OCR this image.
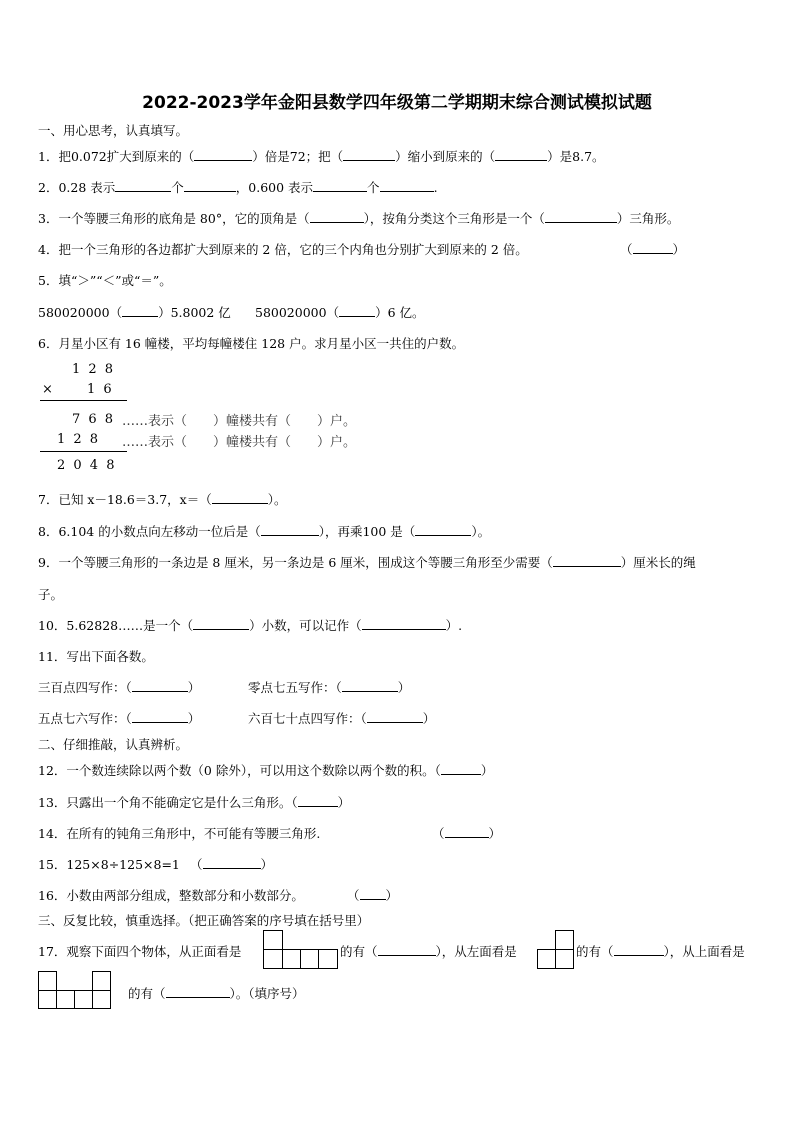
2022-2023学年金阳县数学四年级第二学期期末综合测试模拟试题
一、用心思考，认真填写。
1．把0.072扩大到原来的（	）倍是72；把（	）缩小到原来的（	）是8.7。
2．0.28 表示	个	，0.600 表示	个	.
3．一个等腰三角形的底角是 80°，它的顶角是（	），按角分类这个三角形是一个（	）三角形。
4．把一个三角形的各边都扩大到原来的 2 倍，它的三个内角也分别扩大到原来的 2 倍。	（	）
5．填“＞”“＜”或“＝”。
580020000（	）5.8002 亿 580020000（	）6 亿。
6．月星小区有 16 幢楼，平均每幢楼住 128 户。求月星小区一共住的户数。
1 2 8
× 1 6
7 6 8 ……表示（　　）幢楼共有（　　）户。
1 2 8 ……表示（　　）幢楼共有（　　）户。
2 0 4 8
7．已知 x－18.6＝3.7，x＝（	）。
8．6.104 的小数点向左移动一位后是（	），再乘100 是（	）。
9．一个等腰三角形的一条边是 8 厘米，另一条边是 6 厘米，围成这个等腰三角形至少需要（	）厘米长的绳
子。
10．5.62828……是一个（	）小数，可以记作（	）.
11．写出下面各数。
三百点四写作：（	）	零点七五写作：（	）
五点七六写作：（	）	六百七十点四写作：（	）
二、仔细推敲，认真辨析。
12．一个数连续除以两个数（0 除外），可以用这个数除以两个数的积。（	）
13．只露出一个角不能确定它是什么三角形。（	）
14．在所有的钝角三角形中，不可能有等腰三角形.	（	）
15．125×8÷125×8=1 （	）
16．小数由两部分组成，整数部分和小数部分。	（ ）
三、反复比较，慎重选择。（把正确答案的序号填在括号里）
17．观察下面四个物体，从正面看是	的有（	），从左面看是	的有（	），从上面看是
的有（	）。（填序号）
